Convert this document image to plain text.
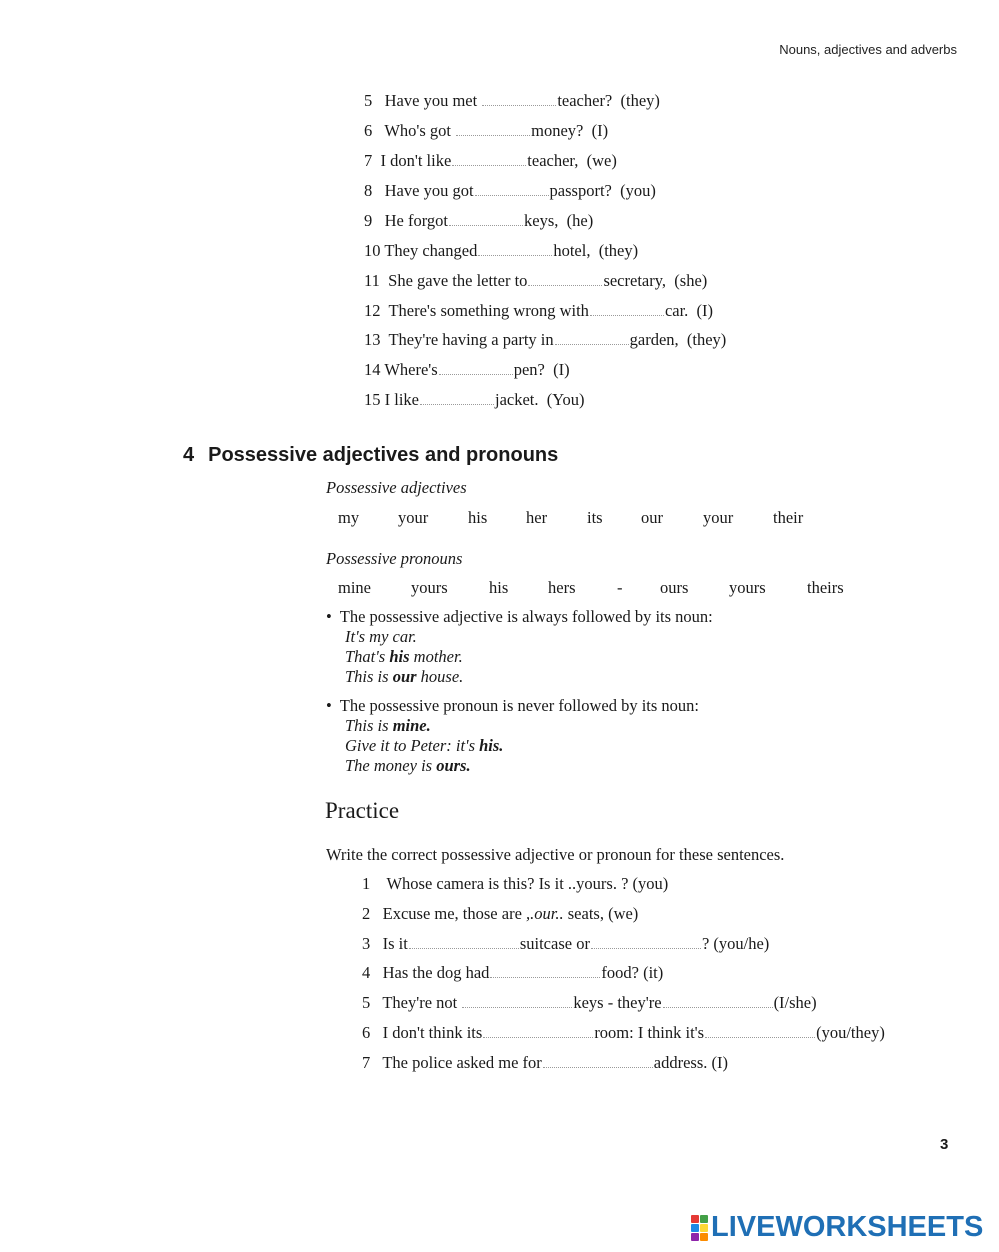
Nouns, adjectives and adverbs
5 Have you met	teacher? (they)
6 Who's got	money? (I)
7 I don't like	teacher, (we)
8 Have you got	passport? (you)
9 He forgot	keys, (he)
10 They changed	hotel, (they)
11 She gave the letter to	secretary, (she)
12 There's something wrong with	car. (I)
13 They're having a party in	garden, (they)
14 Where's	pen? (I)
15 I like	jacket. (You)
4 Possessive adjectives and pronouns
Possessive adjectives
my your his her its our your their
Possessive pronouns
mine yours	his hers	- ours yours	theirs
•  The possessive adjective is always followed by its noun:
It's my car.
That's his mother.
This is our house.
•  The possessive pronoun is never followed by its noun:
This is mine.
Give it to Peter: it's his.
The money is ours.
Practice
Write the correct possessive adjective or pronoun for these sentences.
1 Whose camera is this? Is it ..yours. ? (you)
2 Excuse me, those are ,.our.. seats, (we)
3 Is it	suitcase or	? (you/he)
4 Has the dog had	food? (it)
5 They're not	keys - they're	(I/she)
6 I don't think its	room: I think it's	(you/they)
7 The police asked me for	address. (I)
3
LIVEWORKSHEETS
